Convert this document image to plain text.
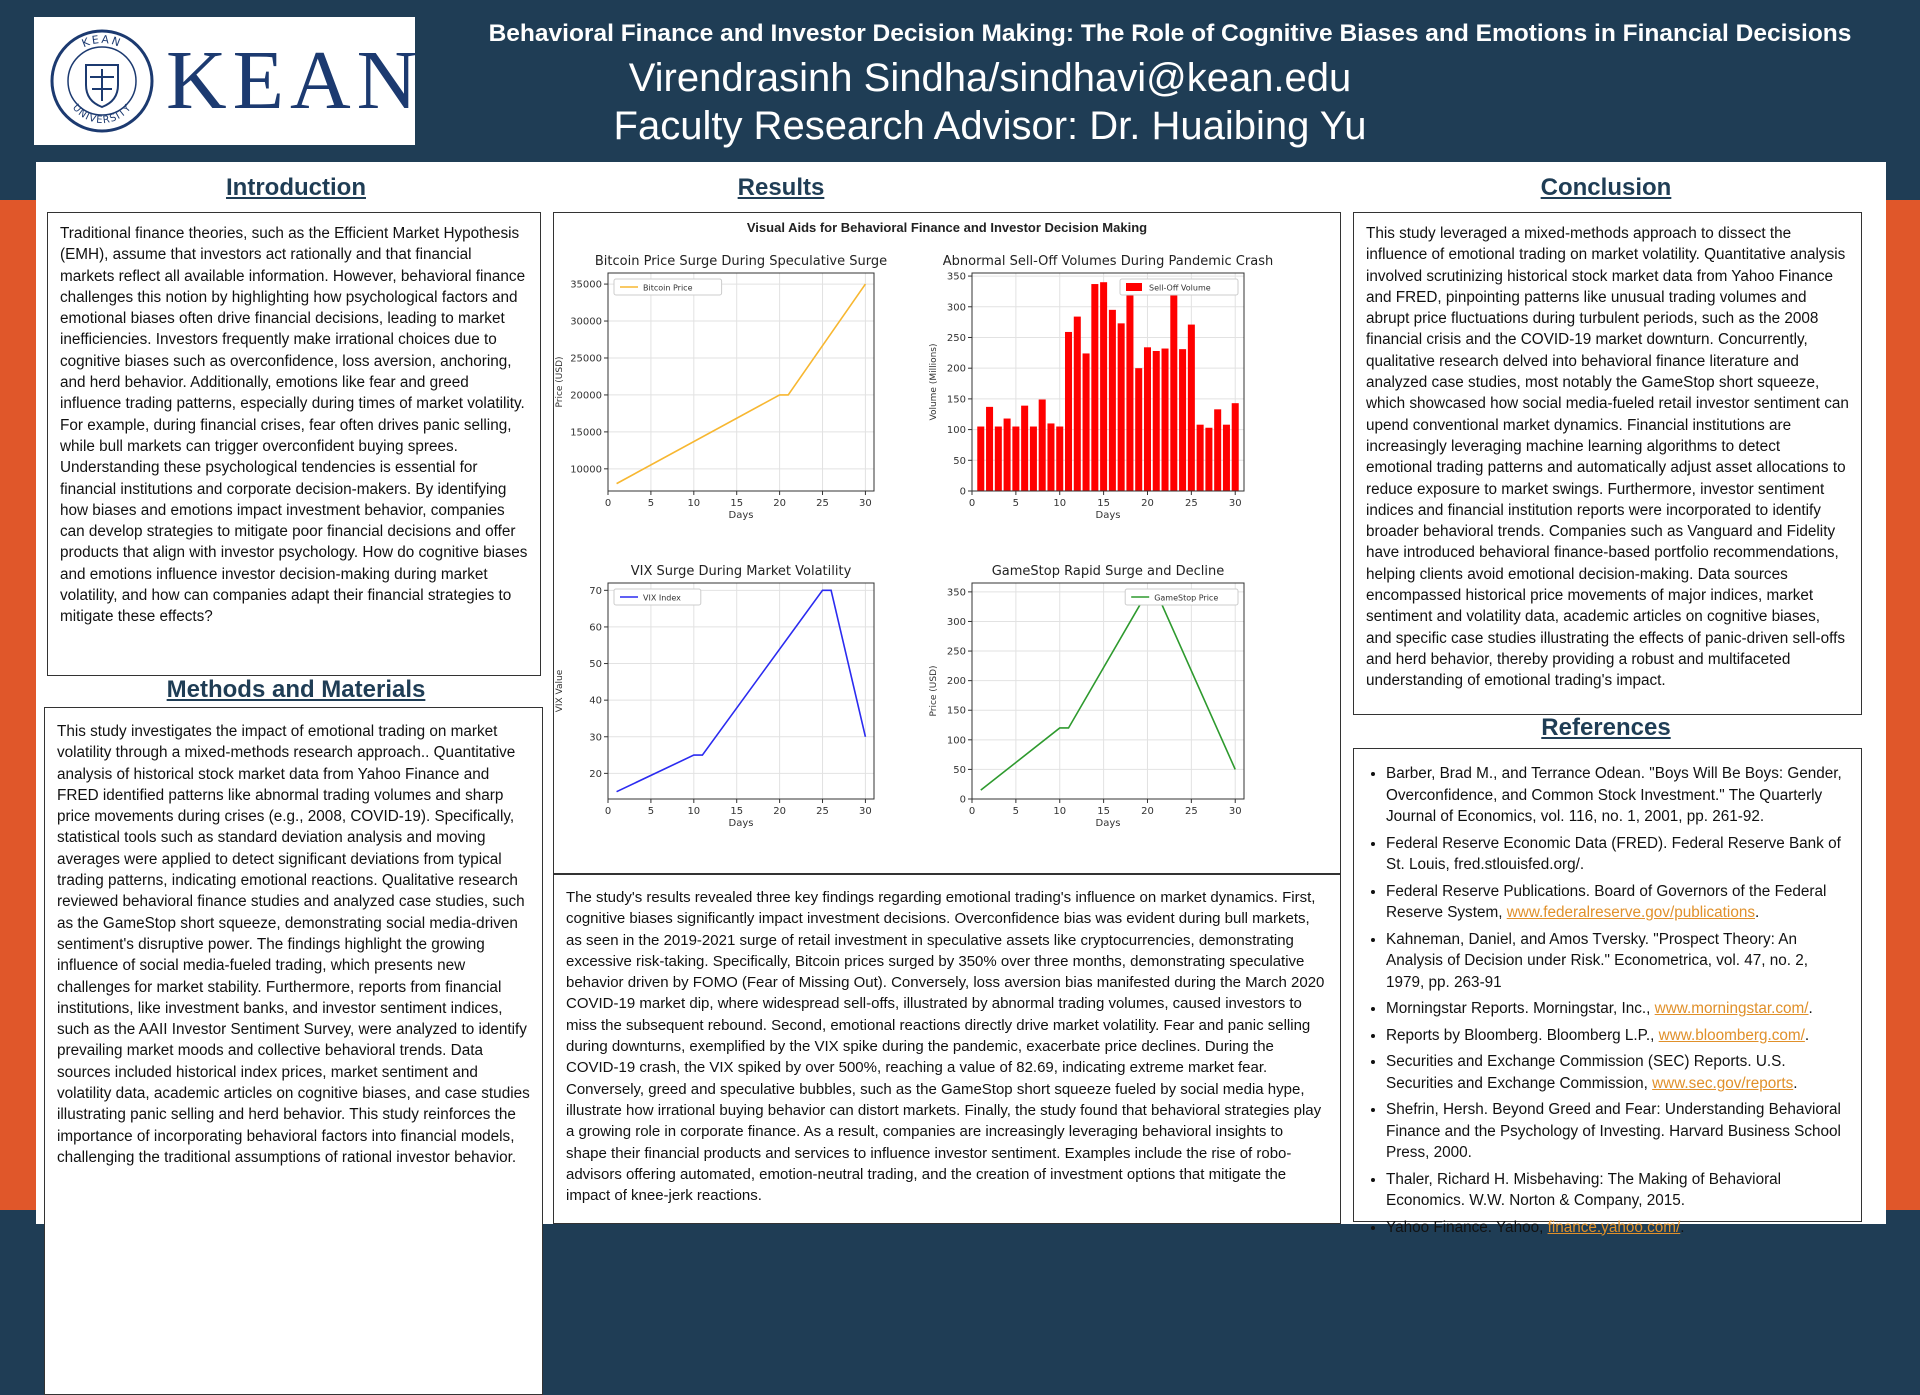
KEAN
UNIVERSITY KEAN
Behavioral Finance and Investor Decision Making: The Role of Cognitive Biases and Emotions in Financial Decisions
Virendrasinh Sindha/sindhavi@kean.edu
Faculty Research Advisor: Dr. Huaibing Yu
Introduction

Traditional finance theories, such as the Efficient Market Hypothesis (EMH), assume that investors act rationally and that financial markets reflect all available information. However, behavioral finance challenges this notion by highlighting how psychological factors and emotional biases often drive financial decisions, leading to market inefficiencies. Investors frequently make irrational choices due to cognitive biases such as overconfidence, loss aversion, anchoring, and herd behavior. Additionally, emotions like fear and greed influence trading patterns, especially during times of market volatility. For example, during financial crises, fear often drives panic selling, while bull markets can trigger overconfident buying sprees. Understanding these psychological tendencies is essential for financial institutions and corporate decision-makers. By identifying how biases and emotions impact investment behavior, companies can develop strategies to mitigate poor financial decisions and offer products that align with investor psychology. How do cognitive biases and emotions influence investor decision-making during market volatility, and how can companies adapt their financial strategies to mitigate these effects?

Methods and Materials

This study investigates the impact of emotional trading on market volatility through a mixed-methods research approach.. Quantitative analysis of historical stock market data from Yahoo Finance and FRED identified patterns like abnormal trading volumes and sharp price movements during crises (e.g., 2008, COVID-19). Specifically, statistical tools such as standard deviation analysis and moving averages were applied to detect significant deviations from typical trading patterns, indicating emotional reactions. Qualitative research reviewed behavioral finance studies and analyzed case studies, such as the GameStop short squeeze, demonstrating social media-driven sentiment's disruptive power. The findings highlight the growing influence of social media-fueled trading, which presents new challenges for market stability. Furthermore, reports from financial institutions, like investment banks, and investor sentiment indices, such as the AAII Investor Sentiment Survey, were analyzed to identify prevailing market moods and collective behavioral trends. Data sources included historical index prices, market sentiment and volatility data, academic articles on cognitive biases, and case studies illustrating panic selling and herd behavior. This study reinforces the importance of incorporating behavioral factors into financial models, challenging the traditional assumptions of rational investor behavior.

Results
Visual Aids for Behavioral Finance and Investor Decision Making
0	5	10	15	20	25	30
10000
15000
20000
25000
30000
35000
Bitcoin Price Surge During Speculative Surge
Days
Price (USD)
Bitcoin Price
0	5	10	15	20	25	30
0
50
100
150
200
250
300
350
Abnormal Sell-Off Volumes During Pandemic Crash
Days
Volume (Millions)
Sell-Off Volume
0	5	10	15	20	25	30
20
30
40
50
60
70
VIX Surge During Market Volatility
Days
VIX Value
VIX Index
0	5	10	15	20	25	30
0
50
100
150
200
250
300
350
GameStop Rapid Surge and Decline
Days
Price (USD)
GameStop Price

The study's results revealed three key findings regarding emotional trading's influence on market dynamics. First, cognitive biases significantly impact investment decisions. Overconfidence bias was evident during bull markets, as seen in the 2019-2021 surge of retail investment in speculative assets like cryptocurrencies, demonstrating excessive risk-taking. Specifically, Bitcoin prices surged by 350% over three months, demonstrating speculative behavior driven by FOMO (Fear of Missing Out). Conversely, loss aversion bias manifested during the March 2020 COVID-19 market dip, where widespread sell-offs, illustrated by abnormal trading volumes, caused investors to miss the subsequent rebound. Second, emotional reactions directly drive market volatility. Fear and panic selling during downturns, exemplified by the VIX spike during the pandemic, exacerbate price declines. During the COVID-19 crash, the VIX spiked by over 500%, reaching a value of 82.69, indicating extreme market fear. Conversely, greed and speculative bubbles, such as the GameStop short squeeze fueled by social media hype, illustrate how irrational buying behavior can distort markets. Finally, the study found that behavioral strategies play a growing role in corporate finance. As a result, companies are increasingly leveraging behavioral insights to shape their financial products and services to influence investor sentiment. Examples include the rise of robo-advisors offering automated, emotion-neutral trading, and the creation of investment options that mitigate the impact of knee-jerk reactions.

Conclusion

This study leveraged a mixed-methods approach to dissect the influence of emotional trading on market volatility. Quantitative analysis involved scrutinizing historical stock market data from Yahoo Finance and FRED, pinpointing patterns like unusual trading volumes and abrupt price fluctuations during turbulent periods, such as the 2008 financial crisis and the COVID-19 market downturn. Concurrently, qualitative research delved into behavioral finance literature and analyzed case studies, most notably the GameStop short squeeze, which showcased how social media-fueled retail investor sentiment can upend conventional market dynamics. Financial institutions are increasingly leveraging machine learning algorithms to detect emotional trading patterns and automatically adjust asset allocations to reduce exposure to market swings. Furthermore, investor sentiment indices and financial institution reports were incorporated to identify broader behavioral trends. Companies such as Vanguard and Fidelity have introduced behavioral finance-based portfolio recommendations, helping clients avoid emotional decision-making. Data sources encompassed historical price movements of major indices, market sentiment and volatility data, academic articles on cognitive biases, and specific case studies illustrating the effects of panic-driven sell-offs and herd behavior, thereby providing a robust and multifaceted understanding of emotional trading's impact.

References
• Barber, Brad M., and Terrance Odean. "Boys Will Be Boys: Gender, Overconfidence, and Common Stock Investment." The Quarterly Journal of Economics, vol. 116, no. 1, 2001, pp. 261-92.
• Federal Reserve Economic Data (FRED). Federal Reserve Bank of St. Louis, fred.stlouisfed.org/.
• Federal Reserve Publications. Board of Governors of the Federal Reserve System, www.federalreserve.gov/publications.
• Kahneman, Daniel, and Amos Tversky. "Prospect Theory: An Analysis of Decision under Risk." Econometrica, vol. 47, no. 2, 1979, pp. 263-91
• Morningstar Reports. Morningstar, Inc., www.morningstar.com/.
• Reports by Bloomberg. Bloomberg L.P., www.bloomberg.com/.
• Securities and Exchange Commission (SEC) Reports. U.S. Securities and Exchange Commission, www.sec.gov/reports.
• Shefrin, Hersh. Beyond Greed and Fear: Understanding Behavioral Finance and the Psychology of Investing. Harvard Business School Press, 2000.
• Thaler, Richard H. Misbehaving: The Making of Behavioral Economics. W.W. Norton & Company, 2015.
• Yahoo Finance. Yahoo, finance.yahoo.com/.
